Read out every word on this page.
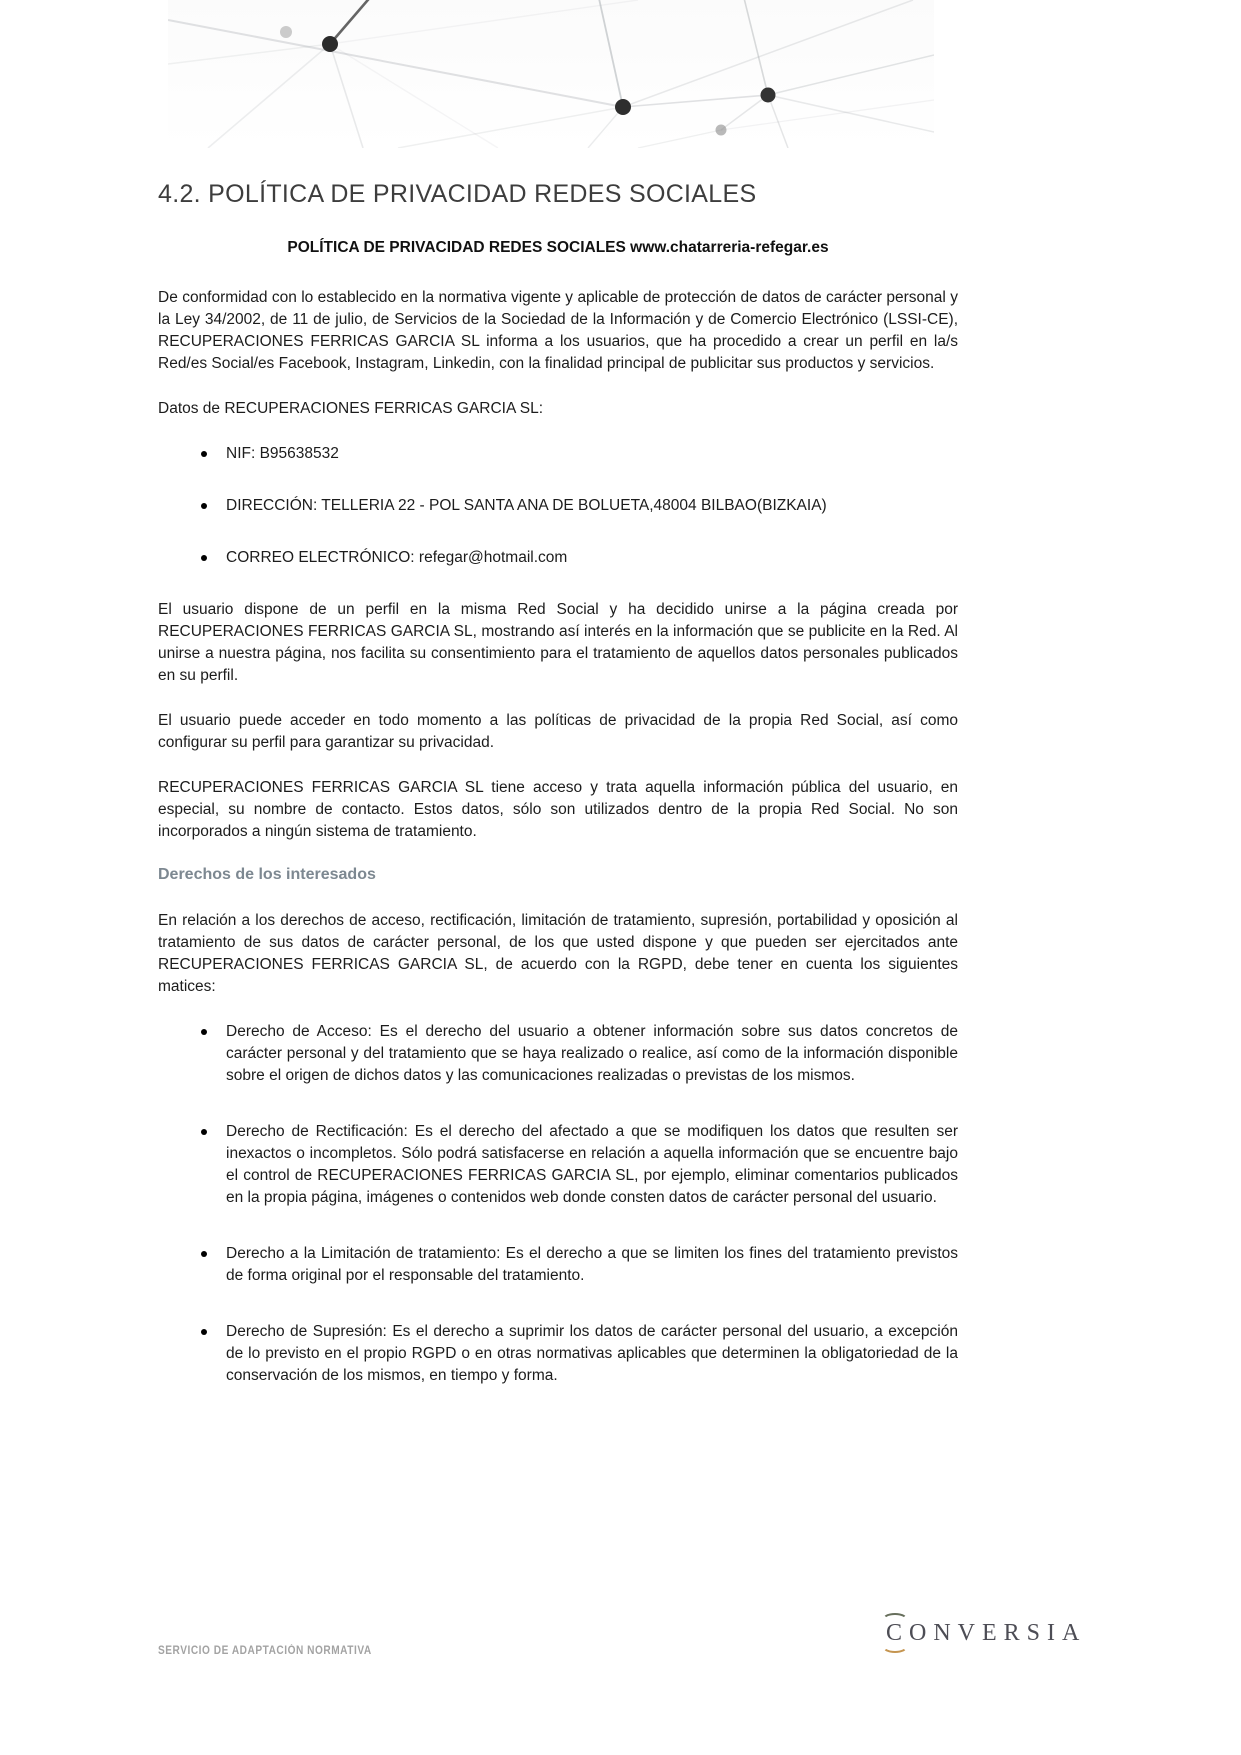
4.2. POLÍTICA DE PRIVACIDAD REDES SOCIALES
POLÍTICA DE PRIVACIDAD REDES SOCIALES www.chatarreria-refegar.es

De conformidad con lo establecido en la normativa vigente y aplicable de protección de datos de carácter personal y la Ley 34/2002, de 11 de julio, de Servicios de la Sociedad de la Información y de Comercio Electrónico (LSSI-CE), RECUPERACIONES FERRICAS GARCIA SL informa a los usuarios, que ha procedido a crear un perfil en la/s Red/es Social/es Facebook, Instagram, Linkedin, con la finalidad principal de publicitar sus productos y servicios.

Datos de RECUPERACIONES FERRICAS GARCIA SL:

NIF: B95638532
DIRECCIÓN: TELLERIA 22 - POL SANTA ANA DE BOLUETA,48004 BILBAO(BIZKAIA)
CORREO ELECTRÓNICO: refegar@hotmail.com

El usuario dispone de un perfil en la misma Red Social y ha decidido unirse a la página creada por RECUPERACIONES FERRICAS GARCIA SL, mostrando así interés en la información que se publicite en la Red. Al unirse a nuestra página, nos facilita su consentimiento para el tratamiento de aquellos datos personales publicados en su perfil.

El usuario puede acceder en todo momento a las políticas de privacidad de la propia Red Social, así como configurar su perfil para garantizar su privacidad.

RECUPERACIONES FERRICAS GARCIA SL tiene acceso y trata aquella información pública del usuario, en especial, su nombre de contacto. Estos datos, sólo son utilizados dentro de la propia Red Social. No son incorporados a ningún sistema de tratamiento.

Derechos de los interesados

En relación a los derechos de acceso, rectificación, limitación de tratamiento, supresión, portabilidad y oposición al tratamiento de sus datos de carácter personal, de los que usted dispone y que pueden ser ejercitados ante RECUPERACIONES FERRICAS GARCIA SL, de acuerdo con la RGPD, debe tener en cuenta los siguientes matices:

Derecho de Acceso: Es el derecho del usuario a obtener información sobre sus datos concretos de carácter personal y del tratamiento que se haya realizado o realice, así como de la información disponible sobre el origen de dichos datos y las comunicaciones realizadas o previstas de los mismos.
Derecho de Rectificación: Es el derecho del afectado a que se modifiquen los datos que resulten ser inexactos o incompletos. Sólo podrá satisfacerse en relación a aquella información que se encuentre bajo el control de RECUPERACIONES FERRICAS GARCIA SL, por ejemplo, eliminar comentarios publicados en la propia página, imágenes o contenidos web donde consten datos de carácter personal del usuario.
Derecho a la Limitación de tratamiento: Es el derecho a que se limiten los fines del tratamiento previstos de forma original por el responsable del tratamiento.
Derecho de Supresión: Es el derecho a suprimir los datos de carácter personal del usuario, a excepción de lo previsto en el propio RGPD o en otras normativas aplicables que determinen la obligatoriedad de la conservación de los mismos, en tiempo y forma.
SERVICIO DE ADAPTACIÓN NORMATIVA
CONVERSIA
